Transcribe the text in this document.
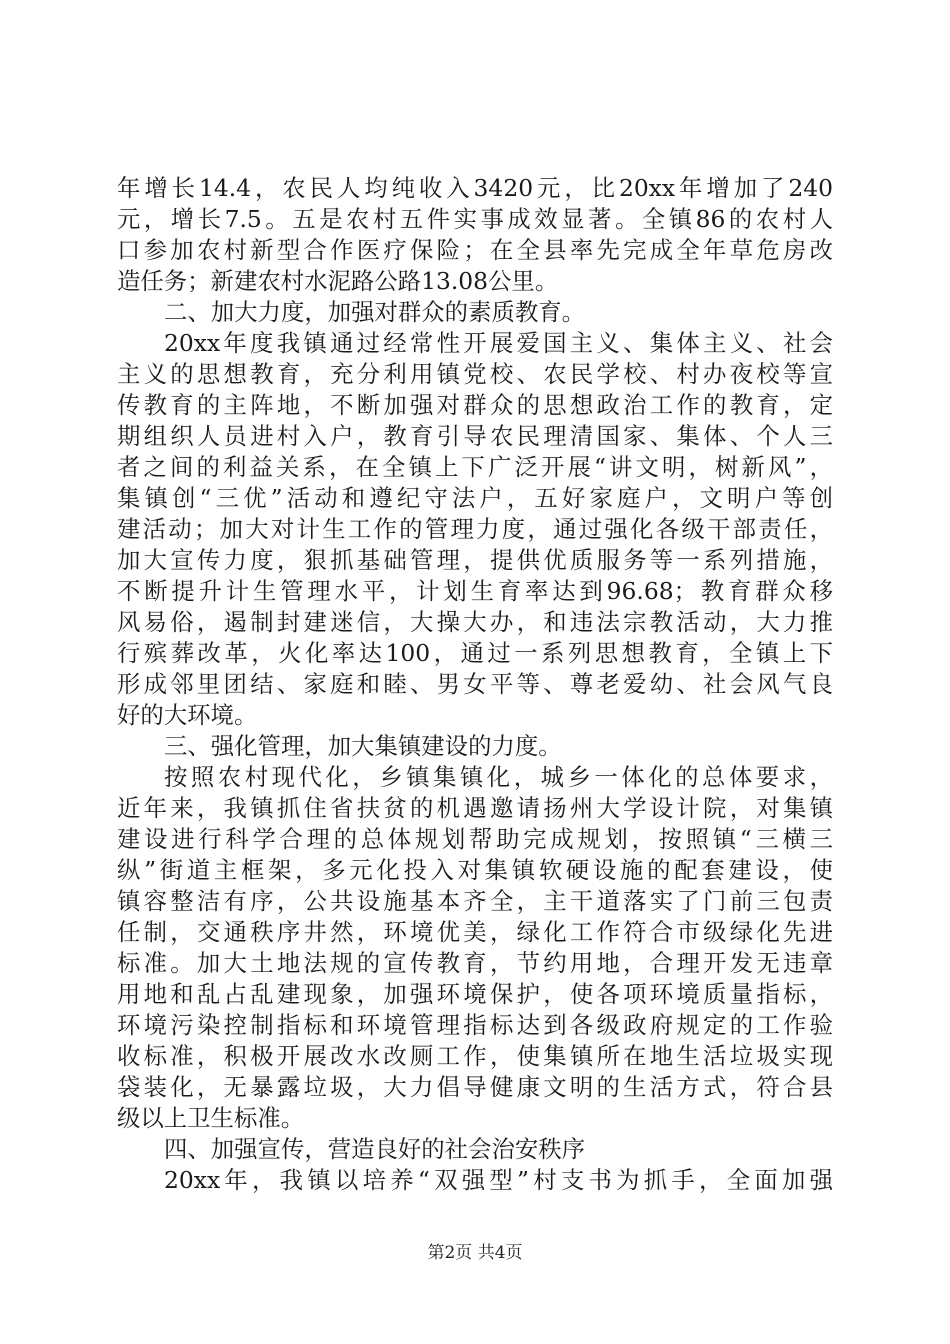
年增长14.4，农民人均纯收入3420元，比20xx年增加了240
元，增长7.5。五是农村五件实事成效显著。全镇86的农村人
口参加农村新型合作医疗保险；在全县率先完成全年草危房改
造任务；新建农村水泥路公路13.08公里。
二、加大力度，加强对群众的素质教育。
20xx年度我镇通过经常性开展爱国主义、集体主义、社会
主义的思想教育，充分利用镇党校、农民学校、村办夜校等宣
传教育的主阵地，不断加强对群众的思想政治工作的教育，定
期组织人员进村入户，教育引导农民理清国家、集体、个人三
者之间的利益关系，在全镇上下广泛开展“讲文明，树新风”，
集镇创“三优”活动和遵纪守法户，五好家庭户，文明户等创
建活动；加大对计生工作的管理力度，通过强化各级干部责任，
加大宣传力度，狠抓基础管理，提供优质服务等一系列措施，
不断提升计生管理水平，计划生育率达到96.68；教育群众移
风易俗，遏制封建迷信，大操大办，和违法宗教活动，大力推
行殡葬改革，火化率达100，通过一系列思想教育，全镇上下
形成邻里团结、家庭和睦、男女平等、尊老爱幼、社会风气良
好的大环境。
三、强化管理，加大集镇建设的力度。
按照农村现代化，乡镇集镇化，城乡一体化的总体要求，
近年来，我镇抓住省扶贫的机遇邀请扬州大学设计院，对集镇
建设进行科学合理的总体规划帮助完成规划，按照镇“三横三
纵”街道主框架，多元化投入对集镇软硬设施的配套建设，使
镇容整洁有序，公共设施基本齐全，主干道落实了门前三包责
任制，交通秩序井然，环境优美，绿化工作符合市级绿化先进
标准。加大土地法规的宣传教育，节约用地，合理开发无违章
用地和乱占乱建现象，加强环境保护，使各项环境质量指标，
环境污染控制指标和环境管理指标达到各级政府规定的工作验
收标准，积极开展改水改厕工作，使集镇所在地生活垃圾实现
袋装化，无暴露垃圾，大力倡导健康文明的生活方式，符合县
级以上卫生标准。
四、加强宣传，营造良好的社会治安秩序
20xx年，我镇以培养“双强型”村支书为抓手，全面加强
第2页 共4页
